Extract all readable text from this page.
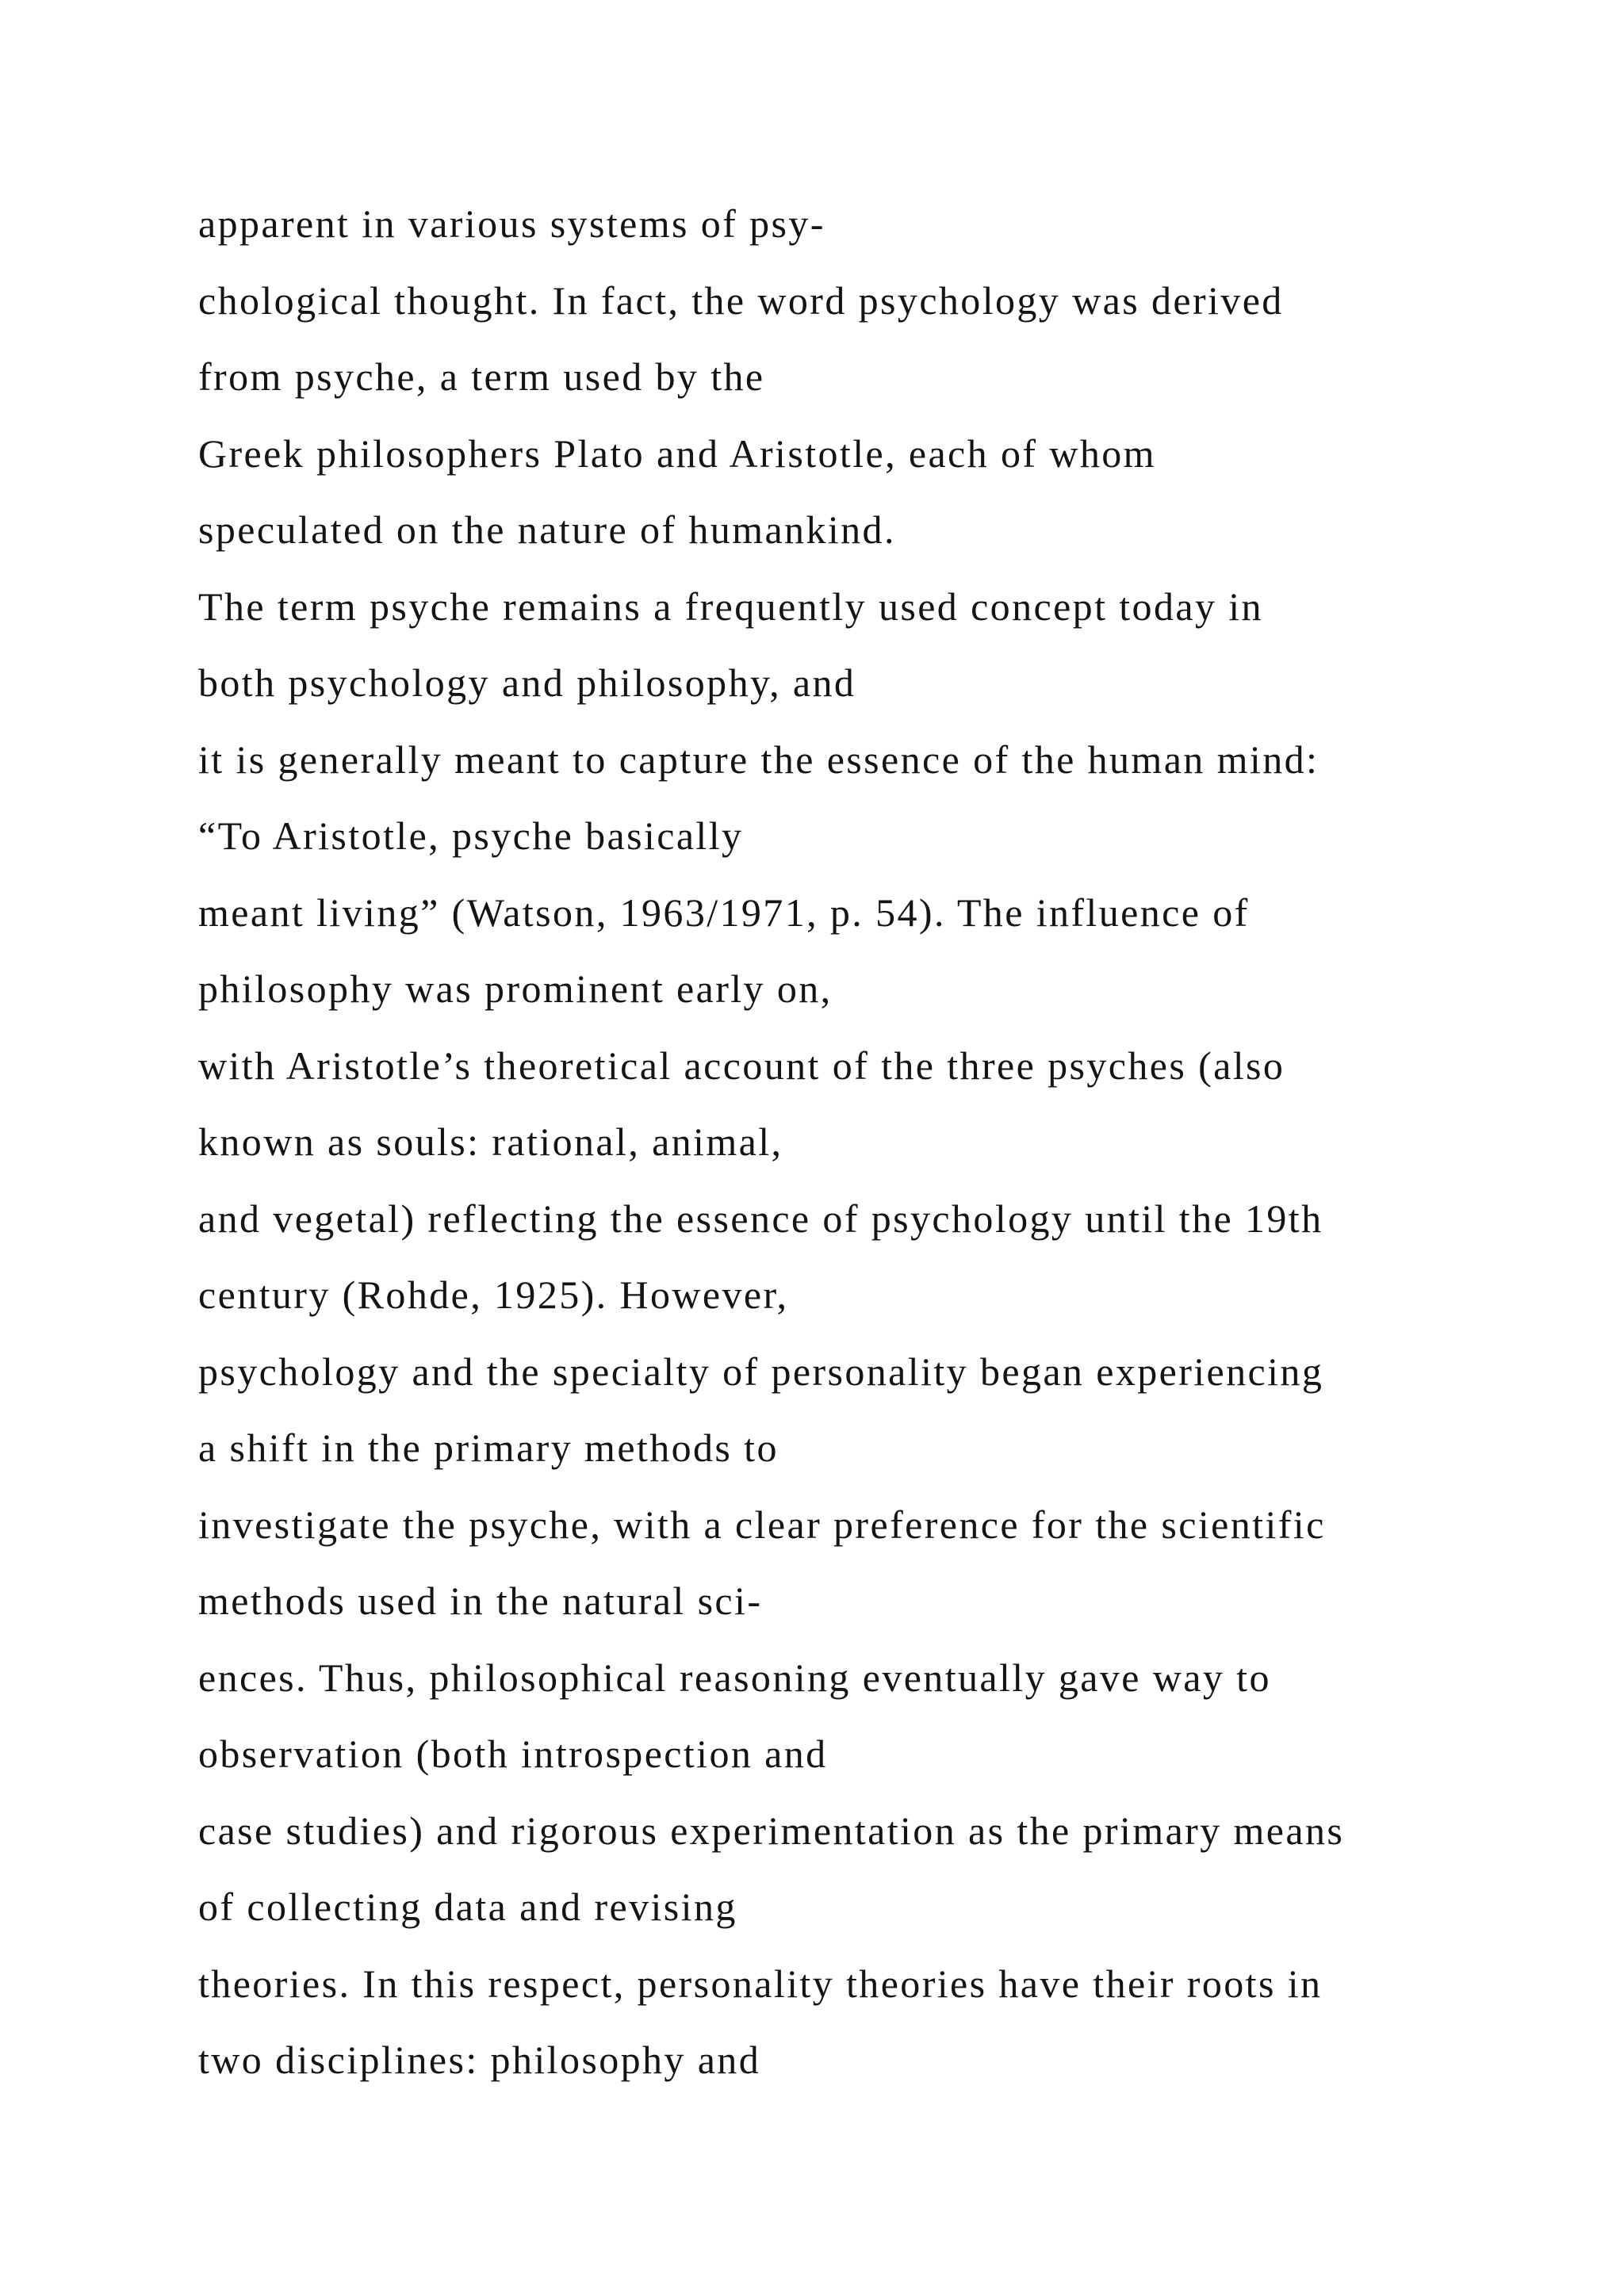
apparent in various systems of psy-
chological thought. In fact, the word psychology was derived
from psyche, a term used by the
Greek philosophers Plato and Aristotle, each of whom
speculated on the nature of humankind.
The term psyche remains a frequently used concept today in
both psychology and philosophy, and
it is generally meant to capture the essence of the human mind:
“To Aristotle, psyche basically
meant living” (Watson, 1963/1971, p. 54). The influence of
philosophy was prominent early on,
with Aristotle’s theoretical account of the three psyches (also
known as souls: rational, animal,
and vegetal) reflecting the essence of psychology until the 19th
century (Rohde, 1925). However,
psychology and the specialty of personality began experiencing
a shift in the primary methods to
investigate the psyche, with a clear preference for the scientific
methods used in the natural sci-
ences. Thus, philosophical reasoning eventually gave way to
observation (both introspection and
case studies) and rigorous experimentation as the primary means
of collecting data and revising
theories. In this respect, personality theories have their roots in
two disciplines: philosophy and
